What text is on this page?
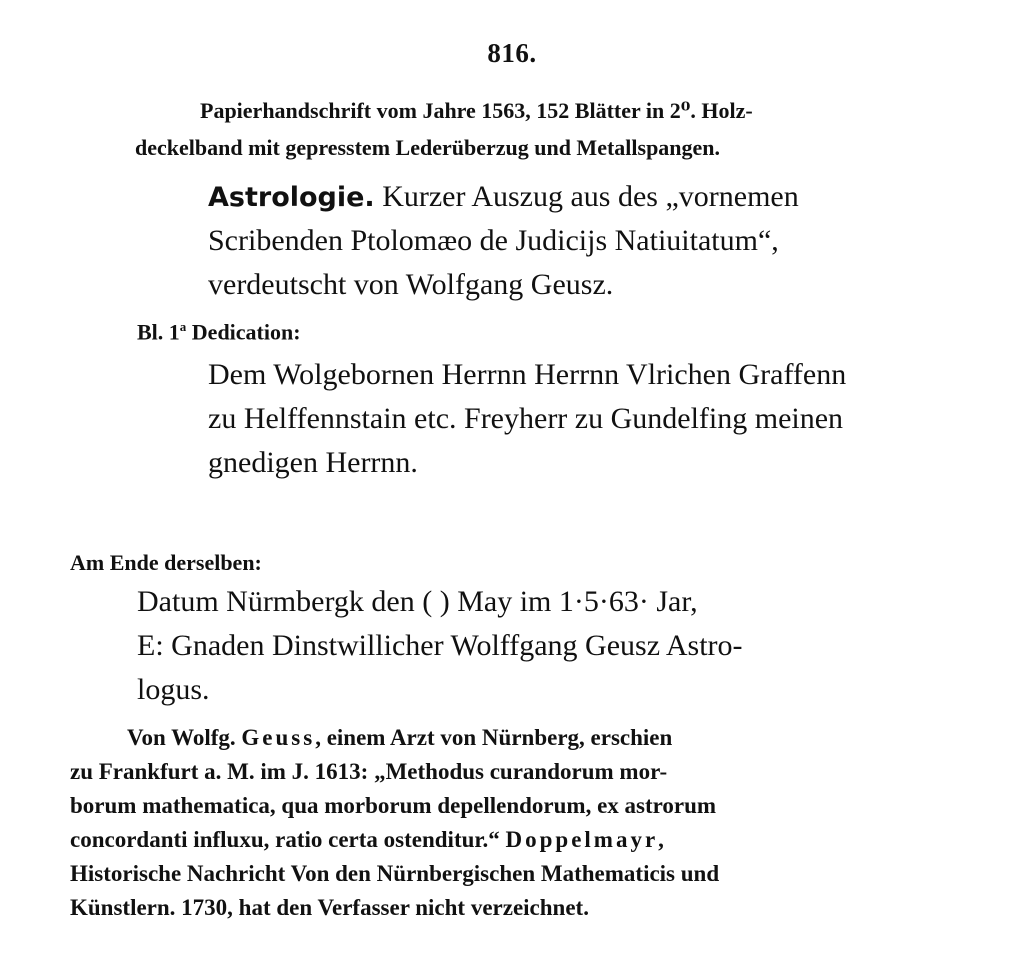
816.
Papierhandschrift vom Jahre 1563, 152 Blätter in 2⁰. Holz-
deckelband mit gepresstem Lederüberzug und Metallspangen.
Astrologie. Kurzer Auszug aus des „vornemen
Scribenden Ptolomæo de Judicijs Natiuitatum“,
verdeutscht von Wolfgang Geusz.
Bl. 1$^a$ Dedication:
Dem Wolgebornen Herrnn Herrnn Vlrichen Graffenn
zu Helffennstain etc. Freyherr zu Gundelfing meinen
gnedigen Herrnn.
Am Ende derselben:
Datum Nürmbergk den ( ) May im 1·5·63· Jar,
E: Gnaden Dinstwillicher Wolffgang Geusz Astro-
logus.
Von Wolfg. Geuss, einem Arzt von Nürnberg, erschien
zu Frankfurt a. M. im J. 1613: „Methodus curandorum mor-
borum mathematica, qua morborum depellendorum, ex astrorum
concordanti influxu, ratio certa ostenditur.“ Doppelmayr,
Historische Nachricht Von den Nürnbergischen Mathematicis und
Künstlern. 1730, hat den Verfasser nicht verzeichnet.
